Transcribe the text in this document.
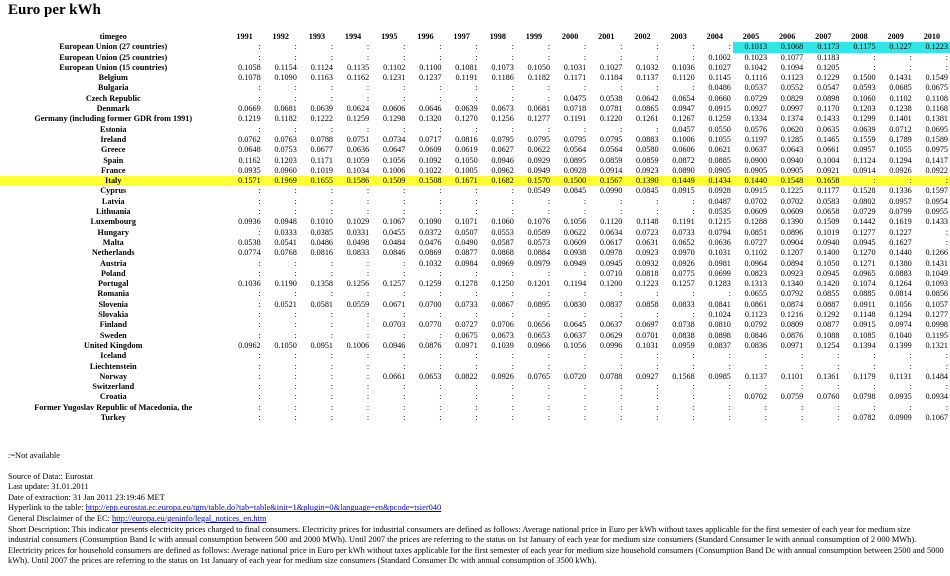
Euro per kWh
timegeo	1991	1992	1993	1994	1995	1996	1997	1998	1999	2000	2001	2002	2003	2004	2005	2006	2007	2008	2009	2010
European Union (27 countries)	:	:	:	:	:	:	:	:	:	:	:	:	:	:	0.1013	0.1068	0.1173	0.1175	0.1227	0.1223
European Union (25 countries)	:	:	:	:	:	:	:	:	:	:	:	:	:	0.1002	0.1023	0.1077	0.1183	:	:	:
European Union (15 countries)	0.1058	0.1154	0.1124	0.1135	0.1102	0.1100	0.1081	0.1073	0.1050	0.1031	0.1027	0.1032	0.1036	0.1027	0.1042	0.1094	0.1205	:	:	:
Belgium	0.1078	0.1090	0.1163	0.1162	0.1231	0.1237	0.1191	0.1186	0.1182	0.1171	0.1184	0.1137	0.1120	0.1145	0.1116	0.1123	0.1229	0.1500	0.1431	0.1549
Bulgaria	:	:	:	:	:	:	:	:	:	:	:	:	:	0.0486	0.0537	0.0552	0.0547	0.0593	0.0685	0.0675
Czech Republic	:	:	:	:	:	:	:	:	:	0.0475	0.0538	0.0642	0.0654	0.0660	0.0729	0.0829	0.0898	0.1060	0.1102	0.1108
Denmark	0.0669	0.0681	0.0639	0.0624	0.0606	0.0646	0.0639	0.0673	0.0681	0.0718	0.0781	0.0865	0.0947	0.0915	0.0927	0.0997	0.1170	0.1203	0.1238	0.1168
Germany (including former GDR from 1991)	0.1219	0.1182	0.1222	0.1259	0.1298	0.1320	0.1270	0.1256	0.1277	0.1191	0.1220	0.1261	0.1267	0.1259	0.1334	0.1374	0.1433	0.1299	0.1401	0.1381
Estonia	:	:	:	:	:	:	:	:	:	:	:	:	0.0457	0.0550	0.0576	0.0620	0.0635	0.0639	0.0712	0.0695
Ireland	0.0762	0.0763	0.0788	0.0751	0.0734	0.0717	0.0816	0.0795	0.0795	0.0795	0.0795	0.0883	0.1006	0.1055	0.1197	0.1285	0.1465	0.1559	0.1789	0.1589
Greece	0.0648	0.0753	0.0677	0.0636	0.0647	0.0609	0.0619	0.0627	0.0622	0.0564	0.0564	0.0580	0.0606	0.0621	0.0637	0.0643	0.0661	0.0957	0.1055	0.0975
Spain	0.1162	0.1203	0.1171	0.1059	0.1056	0.1092	0.1050	0.0946	0.0929	0.0895	0.0859	0.0859	0.0872	0.0885	0.0900	0.0940	0.1004	0.1124	0.1294	0.1417
France	0.0935	0.0960	0.1019	0.1034	0.1006	0.1022	0.1005	0.0962	0.0949	0.0928	0.0914	0.0923	0.0890	0.0905	0.0905	0.0905	0.0921	0.0914	0.0926	0.0922
Italy	0.1571	0.1969	0.1655	0.1586	0.1509	0.1508	0.1671	0.1682	0.1570	0.1500	0.1567	0.1390	0.1449	0.1434	0.1440	0.1548	0.1658	:	:	:
Cyprus	:	:	:	:	:	:	:	:	0.0549	0.0845	0.0990	0.0845	0.0915	0.0928	0.0915	0.1225	0.1177	0.1528	0.1336	0.1597
Latvia	:	:	:	:	:	:	:	:	:	:	:	:	:	0.0487	0.0702	0.0702	0.0583	0.0802	0.0957	0.0954
Lithuania	:	:	:	:	:	:	:	:	:	:	:	:	:	0.0535	0.0609	0.0609	0.0658	0.0729	0.0799	0.0955
Luxembourg	0.0936	0.0948	0.1010	0.1029	0.1067	0.1090	0.1071	0.1060	0.1076	0.1056	0.1120	0.1148	0.1191	0.1215	0.1288	0.1390	0.1509	0.1442	0.1619	0.1433
Hungary	:	0.0333	0.0385	0.0331	0.0455	0.0372	0.0507	0.0553	0.0589	0.0622	0.0634	0.0723	0.0733	0.0794	0.0851	0.0896	0.1019	0.1277	0.1227	:
Malta	0.0538	0.0541	0.0486	0.0498	0.0484	0.0476	0.0490	0.0587	0.0573	0.0609	0.0617	0.0631	0.0652	0.0636	0.0727	0.0904	0.0940	0.0945	0.1627	:
Netherlands	0.0774	0.0768	0.0816	0.0833	0.0846	0.0869	0.0877	0.0868	0.0884	0.0938	0.0978	0.0923	0.0970	0.1031	0.1102	0.1207	0.1400	0.1270	0.1440	0.1266
Austria	:	:	:	:	:	0.1032	0.0984	0.0969	0.0979	0.0949	0.0945	0.0932	0.0926	0.0981	0.0964	0.0894	0.1050	0.1271	0.1380	0.1431
Poland	:	:	:	:	:	:	:	:	:	:	0.0710	0.0818	0.0775	0.0699	0.0823	0.0923	0.0945	0.0965	0.0883	0.1049
Portugal	0.1036	0.1190	0.1358	0.1256	0.1257	0.1259	0.1278	0.1250	0.1201	0.1194	0.1200	0.1223	0.1257	0.1283	0.1313	0.1340	0.1420	0.1074	0.1264	0.1093
Romania	:	:	:	:	:	:	:	:	:	:	:	:	:	:	0.0655	0.0792	0.0855	0.0885	0.0814	0.0856
Slovenia	:	0.0521	0.0581	0.0559	0.0671	0.0700	0.0733	0.0867	0.0895	0.0830	0.0837	0.0858	0.0833	0.0841	0.0861	0.0874	0.0887	0.0911	0.1056	0.1057
Slovakia	:	:	:	:	:	:	:	:	:	:	:	:	:	0.1024	0.1123	0.1216	0.1292	0.1148	0.1294	0.1277
Finland	:	:	:	:	0.0703	0.0770	0.0727	0.0706	0.0656	0.0645	0.0637	0.0697	0.0738	0.0810	0.0792	0.0809	0.0877	0.0915	0.0974	0.0998
Sweden	:	:	:	:	:	:	0.0675	0.0673	0.0653	0.0637	0.0629	0.0701	0.0838	0.0898	0.0846	0.0876	0.1088	0.1085	0.1040	0.1195
United Kingdom	0.0962	0.1050	0.0951	0.1006	0.0946	0.0876	0.0971	0.1039	0.0966	0.1056	0.0996	0.1031	0.0959	0.0837	0.0836	0.0971	0.1254	0.1394	0.1399	0.1321
Iceland	:	:	:	:	:	:	:	:	:	:	:	:	:	:	:	:	:	:	:	:
Liechtenstein	:	:	:	:	:	:	:	:	:	:	:	:	:	:	:	:	:	:	:	:
Norway	:	:	:	:	0.0661	0.0653	0.0822	0.0926	0.0765	0.0720	0.0788	0.0927	0.1568	0.0985	0.1137	0.1101	0.1361	0.1179	0.1131	0.1484
Switzerland	:	:	:	:	:	:	:	:	:	:	:	:	:	:	:	:	:	:	:	:
Croatia	:	:	:	:	:	:	:	:	:	:	:	:	:	:	0.0702	0.0759	0.0760	0.0798	0.0935	0.0934
Former Yugoslav Republic of Macedonia, the	:	:	:	:	:	:	:	:	:	:	:	:	:	:	:	:	:	:	:	:
Turkey	:	:	:	:	:	:	:	:	:	:	:	:	:	:	:	:	:	0.0782	0.0909	0.1067

:=Not available

Source of Data:: Eurostat

Last update: 31.01.2011

Date of extraction: 31 Jan 2011 23:19:46 MET

Hyperlink to the table: http://epp.eurostat.ec.europa.eu/tgm/table.do?tab=table&init=1&plugin=0&language=en&pcode=tsier040

General Disclaimer of the EC: http://europa.eu/geninfo/legal_notices_en.htm

Short Description: This indicator presents electricity prices charged to final consumers. Electricity prices for industrial consumers are defined as follows: Average national price in Euro per kWh without taxes applicable for the first semester of each year for medium size industrial consumers (Consumption Band Ic with annual consumption between 500 and 2000 MWh). Until 2007 the prices are referring to the status on 1st January of each year for medium size consumers (Standard Consumer Ie with annual consumption of 2 000 MWh). Electricity prices for household consumers are defined as follows: Average national price in Euro per kWh without taxes applicable for the first semester of each year for medium size household consumers (Consumption Band Dc with annual consumption between 2500 and 5000 kWh). Until 2007 the prices are referring to the status on 1st January of each year for medium size consumers (Standard Consumer Dc with annual consumption of 3500 kWh).
